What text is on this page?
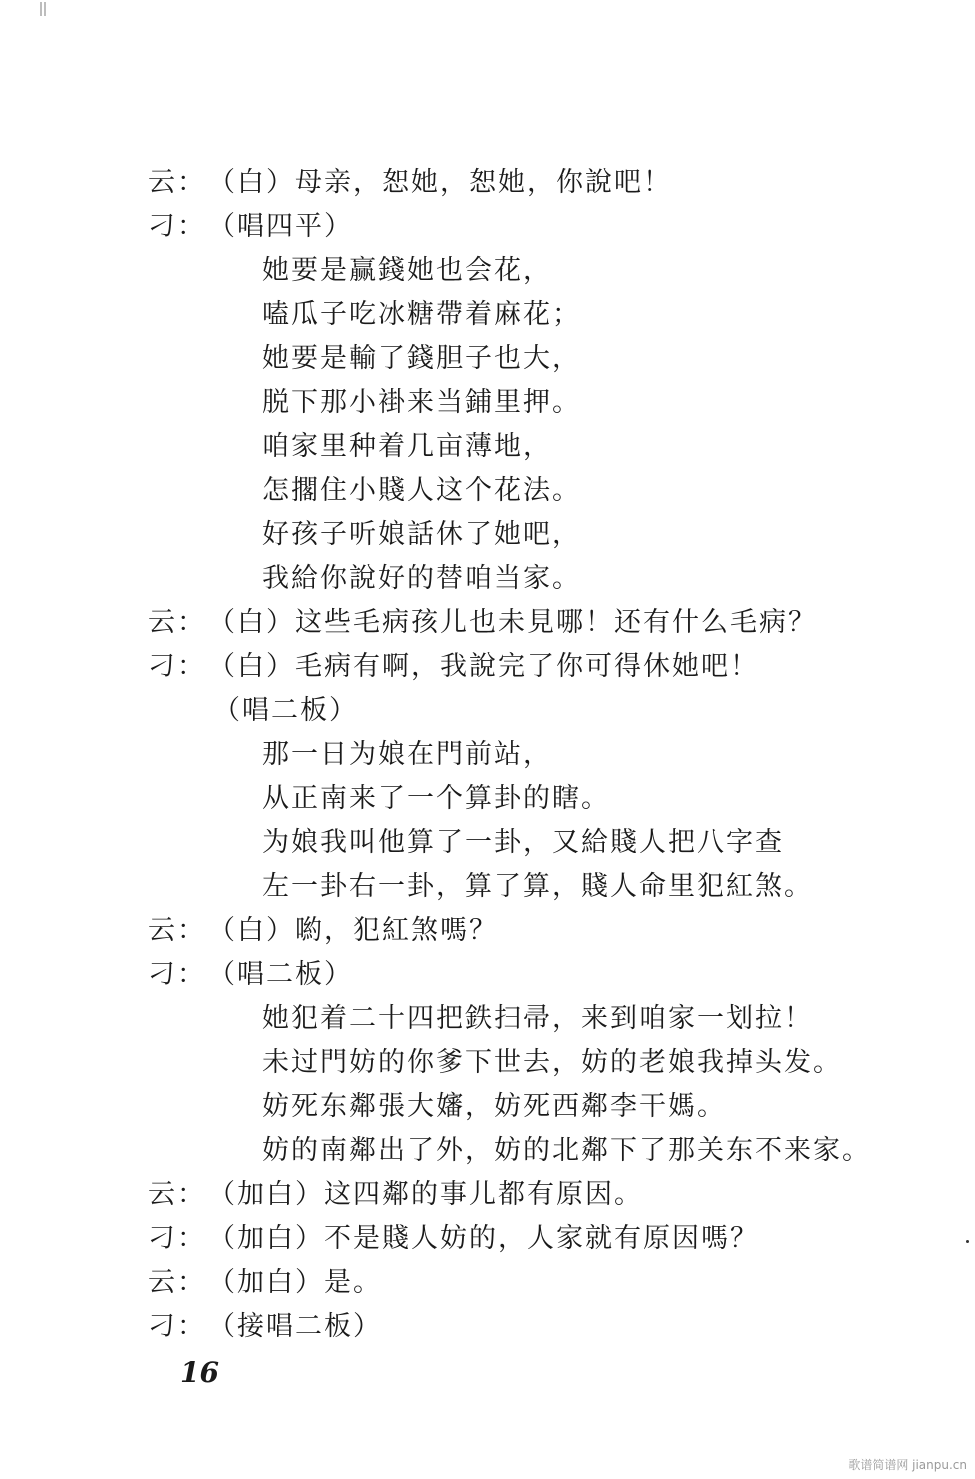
云：（白）母亲，恕她，恕她，你說吧！
刁：（唱四平）
她要是赢錢她也会花，
嗑瓜子吃冰糖帶着麻花；
她要是輸了錢胆子也大，
脱下那小褂来当鋪里押。
咱家里种着几亩薄地，
怎擱住小賤人这个花法。
好孩子听娘話休了她吧，
我給你說好的替咱当家。
云：（白）这些毛病孩儿也未見哪！还有什么毛病？
刁：（白）毛病有啊，我說完了你可得休她吧！
（唱二板）
那一日为娘在門前站，
从正南来了一个算卦的瞎。
为娘我叫他算了一卦，又給賤人把八字查
左一卦右一卦，算了算，賤人命里犯紅煞。
云：（白）喲，犯紅煞嗎？
刁：（唱二板）
她犯着二十四把鉄扫帚，来到咱家一划拉！
未过門妨的你爹下世去，妨的老娘我掉头发。
妨死东鄰張大嬸，妨死西鄰李干媽。
妨的南鄰出了外，妨的北鄰下了那关东不来家。
云：（加白）这四鄰的事儿都有原因。
刁：（加白）不是賤人妨的，人家就有原因嗎？
云：（加白）是。
刁：（接唱二板）
16
歌谱简谱网 jianpu.cn
